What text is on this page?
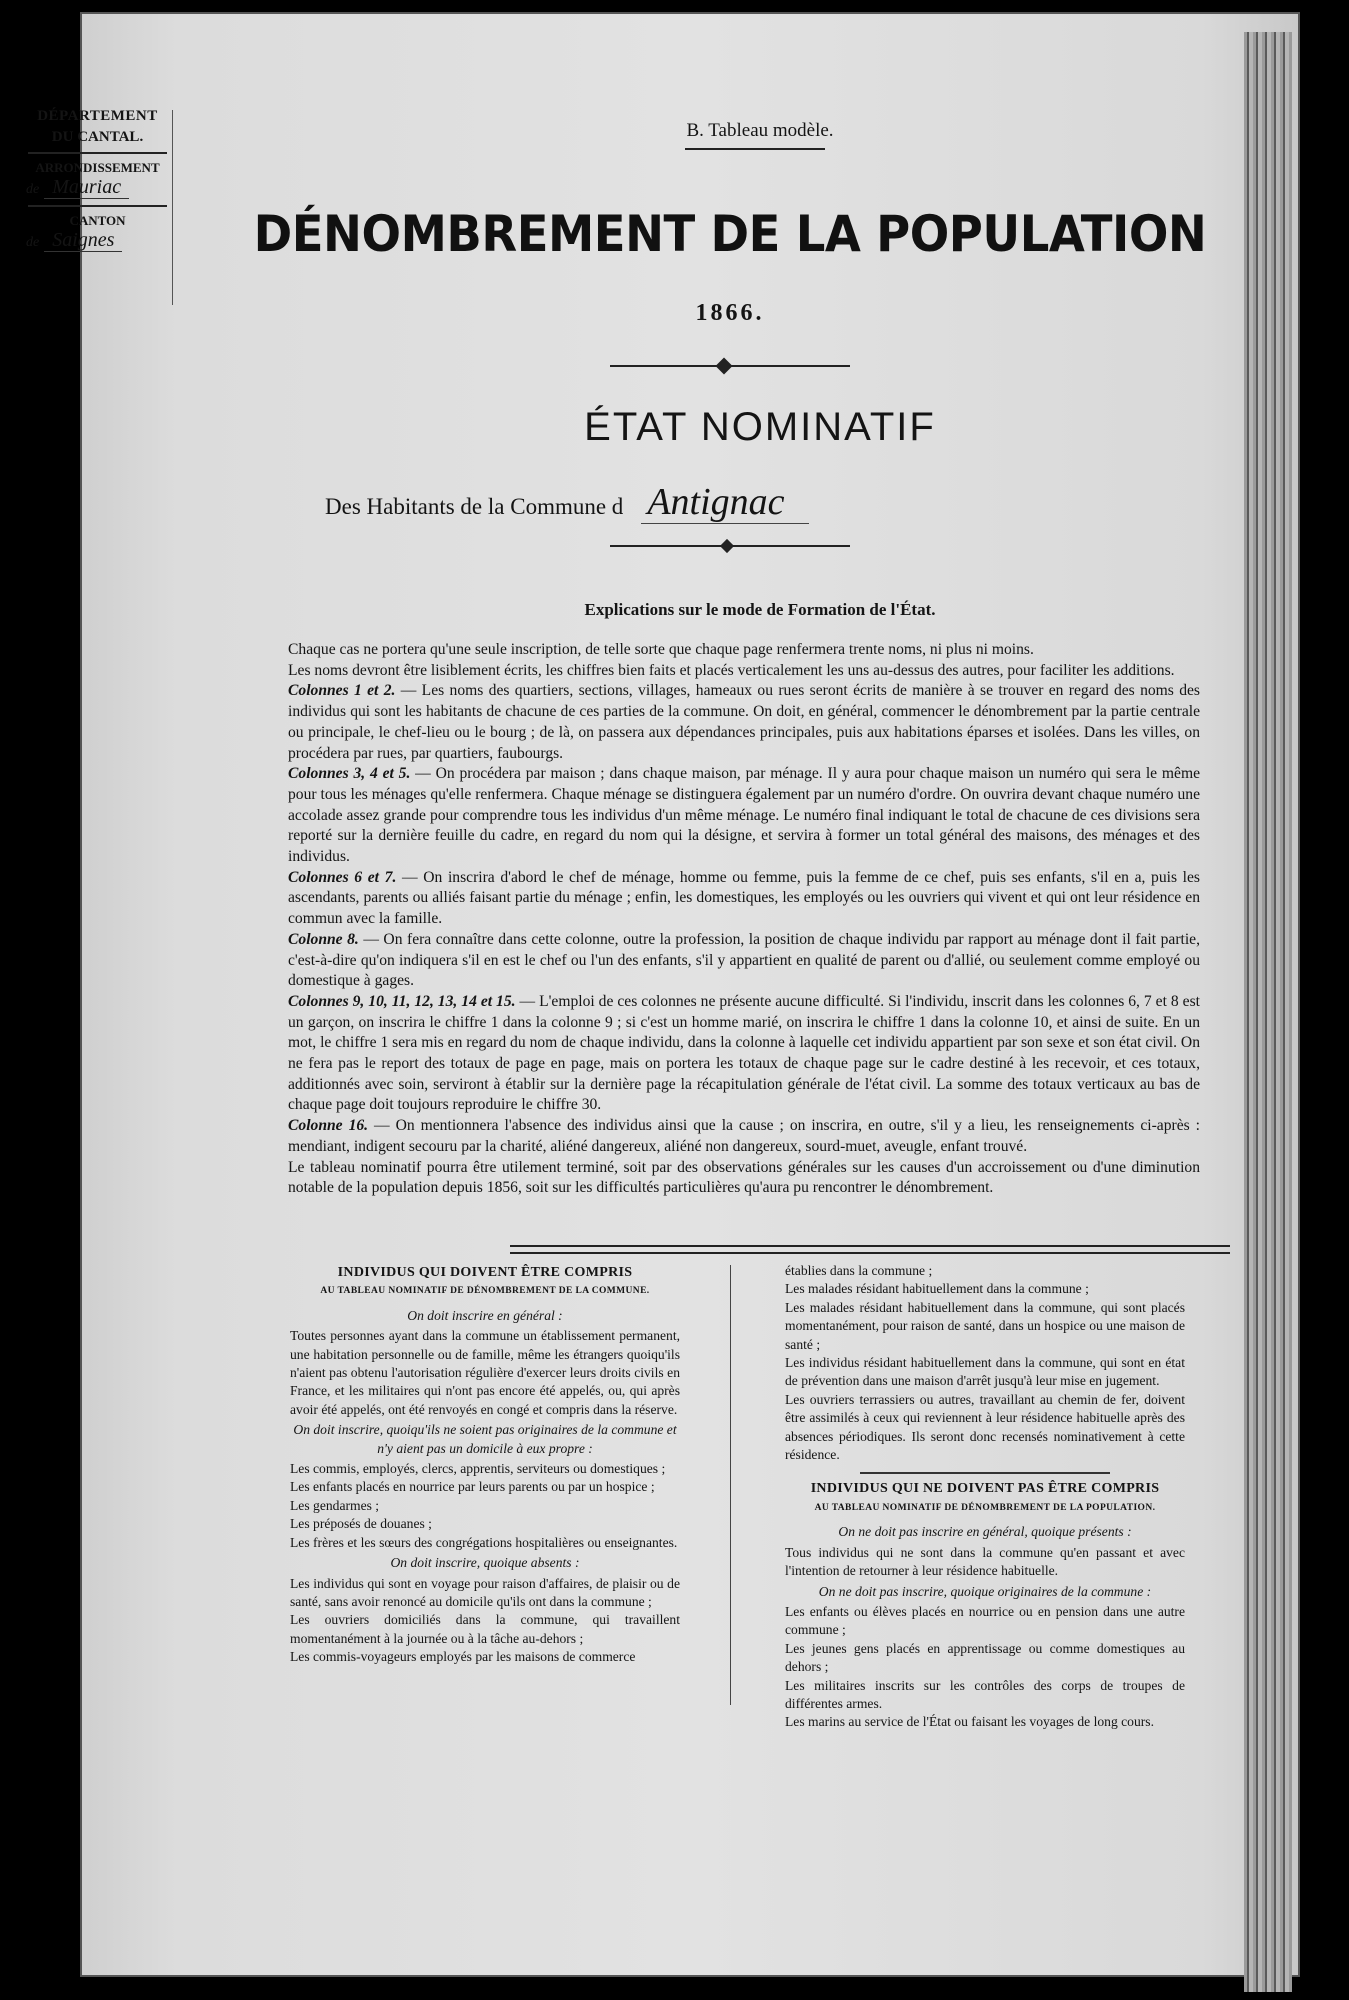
DÉPARTEMENT
DU CANTAL.
ARRONDISSEMENT
de Mauriac
CANTON
de Saignes
B. Tableau modèle.
DÉNOMBREMENT DE LA POPULATION
1866.
ÉTAT NOMINATIF
Des Habitants de la Commune d Antignac
Explications sur le mode de Formation de l'État.

Chaque cas ne portera qu'une seule inscription, de telle sorte que chaque page renfermera trente noms, ni plus ni moins.

Les noms devront être lisiblement écrits, les chiffres bien faits et placés verticalement les uns au-dessus des autres, pour faciliter les additions.

Colonnes 1 et 2. — Les noms des quartiers, sections, villages, hameaux ou rues seront écrits de manière à se trouver en regard des noms des individus qui sont les habitants de chacune de ces parties de la commune. On doit, en général, commencer le dénombrement par la partie centrale ou principale, le chef-lieu ou le bourg ; de là, on passera aux dépendances principales, puis aux habitations éparses et isolées. Dans les villes, on procédera par rues, par quartiers, faubourgs.

Colonnes 3, 4 et 5. — On procédera par maison ; dans chaque maison, par ménage. Il y aura pour chaque maison un numéro qui sera le même pour tous les ménages qu'elle renfermera. Chaque ménage se distinguera également par un numéro d'ordre. On ouvrira devant chaque numéro une accolade assez grande pour comprendre tous les individus d'un même ménage. Le numéro final indiquant le total de chacune de ces divisions sera reporté sur la dernière feuille du cadre, en regard du nom qui la désigne, et servira à former un total général des maisons, des ménages et des individus.

Colonnes 6 et 7. — On inscrira d'abord le chef de ménage, homme ou femme, puis la femme de ce chef, puis ses enfants, s'il en a, puis les ascendants, parents ou alliés faisant partie du ménage ; enfin, les domestiques, les employés ou les ouvriers qui vivent et qui ont leur résidence en commun avec la famille.

Colonne 8. — On fera connaître dans cette colonne, outre la profession, la position de chaque individu par rapport au ménage dont il fait partie, c'est-à-dire qu'on indiquera s'il en est le chef ou l'un des enfants, s'il y appartient en qualité de parent ou d'allié, ou seulement comme employé ou domestique à gages.

Colonnes 9, 10, 11, 12, 13, 14 et 15. — L'emploi de ces colonnes ne présente aucune difficulté. Si l'individu, inscrit dans les colonnes 6, 7 et 8 est un garçon, on inscrira le chiffre 1 dans la colonne 9 ; si c'est un homme marié, on inscrira le chiffre 1 dans la colonne 10, et ainsi de suite. En un mot, le chiffre 1 sera mis en regard du nom de chaque individu, dans la colonne à laquelle cet individu appartient par son sexe et son état civil. On ne fera pas le report des totaux de page en page, mais on portera les totaux de chaque page sur le cadre destiné à les recevoir, et ces totaux, additionnés avec soin, serviront à établir sur la dernière page la récapitulation générale de l'état civil. La somme des totaux verticaux au bas de chaque page doit toujours reproduire le chiffre 30.

Colonne 16. — On mentionnera l'absence des individus ainsi que la cause ; on inscrira, en outre, s'il y a lieu, les renseignements ci-après : mendiant, indigent secouru par la charité, aliéné dangereux, aliéné non dangereux, sourd-muet, aveugle, enfant trouvé.

Le tableau nominatif pourra être utilement terminé, soit par des observations générales sur les causes d'un accroissement ou d'une diminution notable de la population depuis 1856, soit sur les difficultés particulières qu'aura pu rencontrer le dénombrement.

INDIVIDUS QUI DOIVENT ÊTRE COMPRIS
AU TABLEAU NOMINATIF DE DÉNOMBREMENT DE LA COMMUNE.
On doit inscrire en général :

Toutes personnes ayant dans la commune un établissement permanent, une habitation personnelle ou de famille, même les étrangers quoiqu'ils n'aient pas obtenu l'autorisation régulière d'exercer leurs droits civils en France, et les militaires qui n'ont pas encore été appelés, ou, qui après avoir été appelés, ont été renvoyés en congé et compris dans la réserve.

On doit inscrire, quoiqu'ils ne soient pas originaires de la commune et n'y aient pas un domicile à eux propre :

Les commis, employés, clercs, apprentis, serviteurs ou domestiques ;

Les enfants placés en nourrice par leurs parents ou par un hospice ;

Les gendarmes ;

Les préposés de douanes ;

Les frères et les sœurs des congrégations hospitalières ou enseignantes.

On doit inscrire, quoique absents :

Les individus qui sont en voyage pour raison d'affaires, de plaisir ou de santé, sans avoir renoncé au domicile qu'ils ont dans la commune ;

Les ouvriers domiciliés dans la commune, qui travaillent momentanément à la journée ou à la tâche au-dehors ;

Les commis-voyageurs employés par les maisons de commerce

établies dans la commune ;

Les malades résidant habituellement dans la commune ;

Les malades résidant habituellement dans la commune, qui sont placés momentanément, pour raison de santé, dans un hospice ou une maison de santé ;

Les individus résidant habituellement dans la commune, qui sont en état de prévention dans une maison d'arrêt jusqu'à leur mise en jugement.

Les ouvriers terrassiers ou autres, travaillant au chemin de fer, doivent être assimilés à ceux qui reviennent à leur résidence habituelle après des absences périodiques. Ils seront donc recensés nominativement à cette résidence.

INDIVIDUS QUI NE DOIVENT PAS ÊTRE COMPRIS
AU TABLEAU NOMINATIF DE DÉNOMBREMENT DE LA POPULATION.
On ne doit pas inscrire en général, quoique présents :

Tous individus qui ne sont dans la commune qu'en passant et avec l'intention de retourner à leur résidence habituelle.

On ne doit pas inscrire, quoique originaires de la commune :

Les enfants ou élèves placés en nourrice ou en pension dans une autre commune ;

Les jeunes gens placés en apprentissage ou comme domestiques au dehors ;

Les militaires inscrits sur les contrôles des corps de troupes de différentes armes.

Les marins au service de l'État ou faisant les voyages de long cours.
